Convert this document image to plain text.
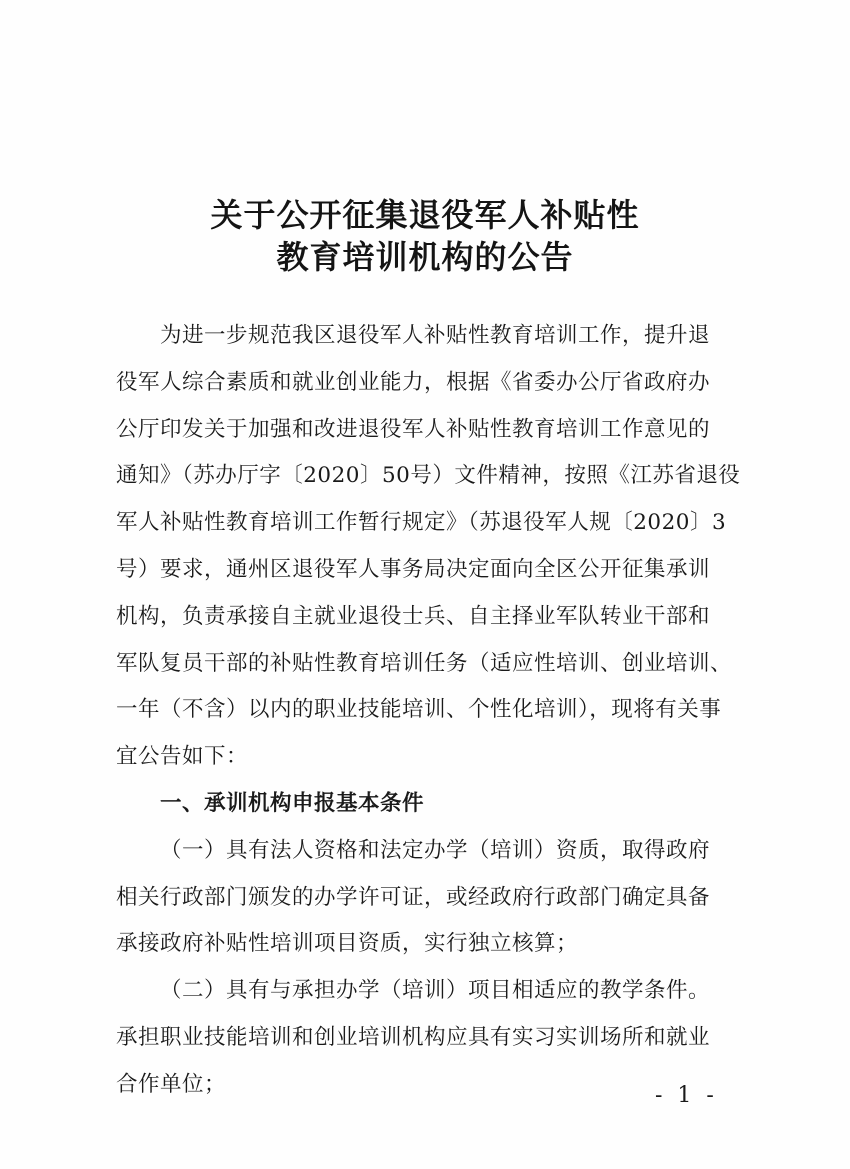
关于公开征集退役军人补贴性
教育培训机构的公告
为进一步规范我区退役军人补贴性教育培训工作，提升退
役军人综合素质和就业创业能力，根据《省委办公厅省政府办
公厅印发关于加强和改进退役军人补贴性教育培训工作意见的
通知》（苏办厅字〔2020〕50号）文件精神，按照《江苏省退役
军人补贴性教育培训工作暂行规定》（苏退役军人规〔2020〕3
号）要求，通州区退役军人事务局决定面向全区公开征集承训
机构，负责承接自主就业退役士兵、自主择业军队转业干部和
军队复员干部的补贴性教育培训任务（适应性培训、创业培训、
一年（不含）以内的职业技能培训、个性化培训），现将有关事
宜公告如下：
一、承训机构申报基本条件
（一）具有法人资格和法定办学（培训）资质，取得政府
相关行政部门颁发的办学许可证，或经政府行政部门确定具备
承接政府补贴性培训项目资质，实行独立核算；
（二）具有与承担办学（培训）项目相适应的教学条件。
承担职业技能培训和创业培训机构应具有实习实训场所和就业
合作单位；	- 1 -
